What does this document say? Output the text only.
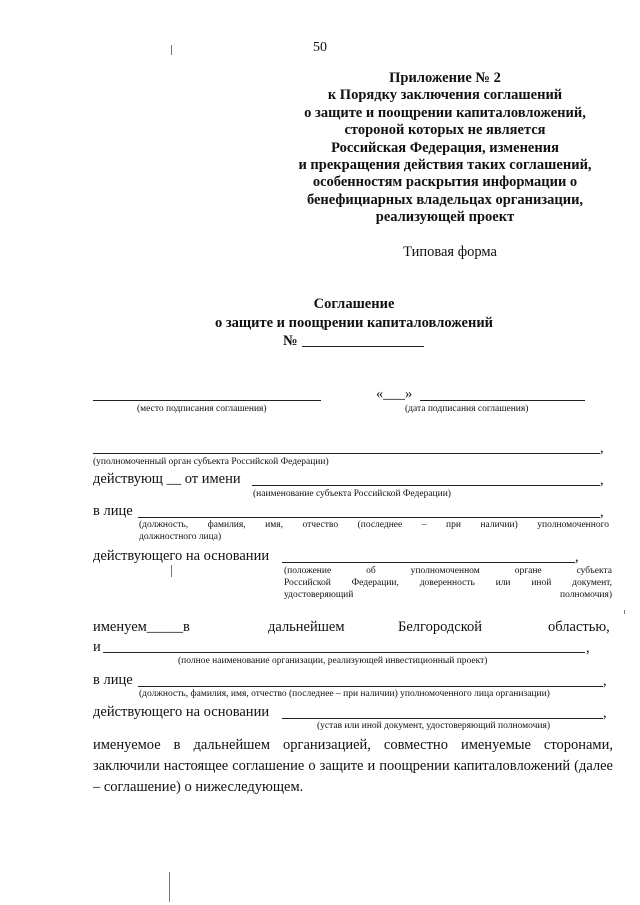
50
Приложение № 2
к Порядку заключения соглашений
о защите и поощрении капиталовложений,
стороной которых не является
Российская Федерация, изменения
и прекращения действия таких соглашений,
особенностям раскрытия информации о
бенефициарных владельцах организации,
реализующей проект
Типовая форма
Соглашение
о защите и поощрении капиталовложений
№
(место подписания соглашения)
«___»
(дата подписания соглашения)
,
(уполномоченный орган субъекта Российской Федерации)
действующ __ от имени	,
(наименование субъекта Российской Федерации)
в лице	,
(должность, фамилия, имя, отчество (последнее – при наличии) уполномоченного
должностного лица)
действующего на основании	,
(положение об уполномоченном органе субъекта
Российской Федерации, доверенность или иной документ,
удостоверяющий полномочия)
именуем_____в	дальнейшем	Белгородской	областью,
и	,
(полное наименование организации, реализующей инвестиционный проект)
в лице	,
(должность, фамилия, имя, отчество (последнее – при наличии) уполномоченного лица организации)
действующего на основании	,
(устав или иной документ, удостоверяющий полномочия)
именуемое в дальнейшем организацией, совместно именуемые сторонами, заключили настоящее соглашение о защите и поощрении капиталовложений (далее – соглашение) о нижеследующем.
